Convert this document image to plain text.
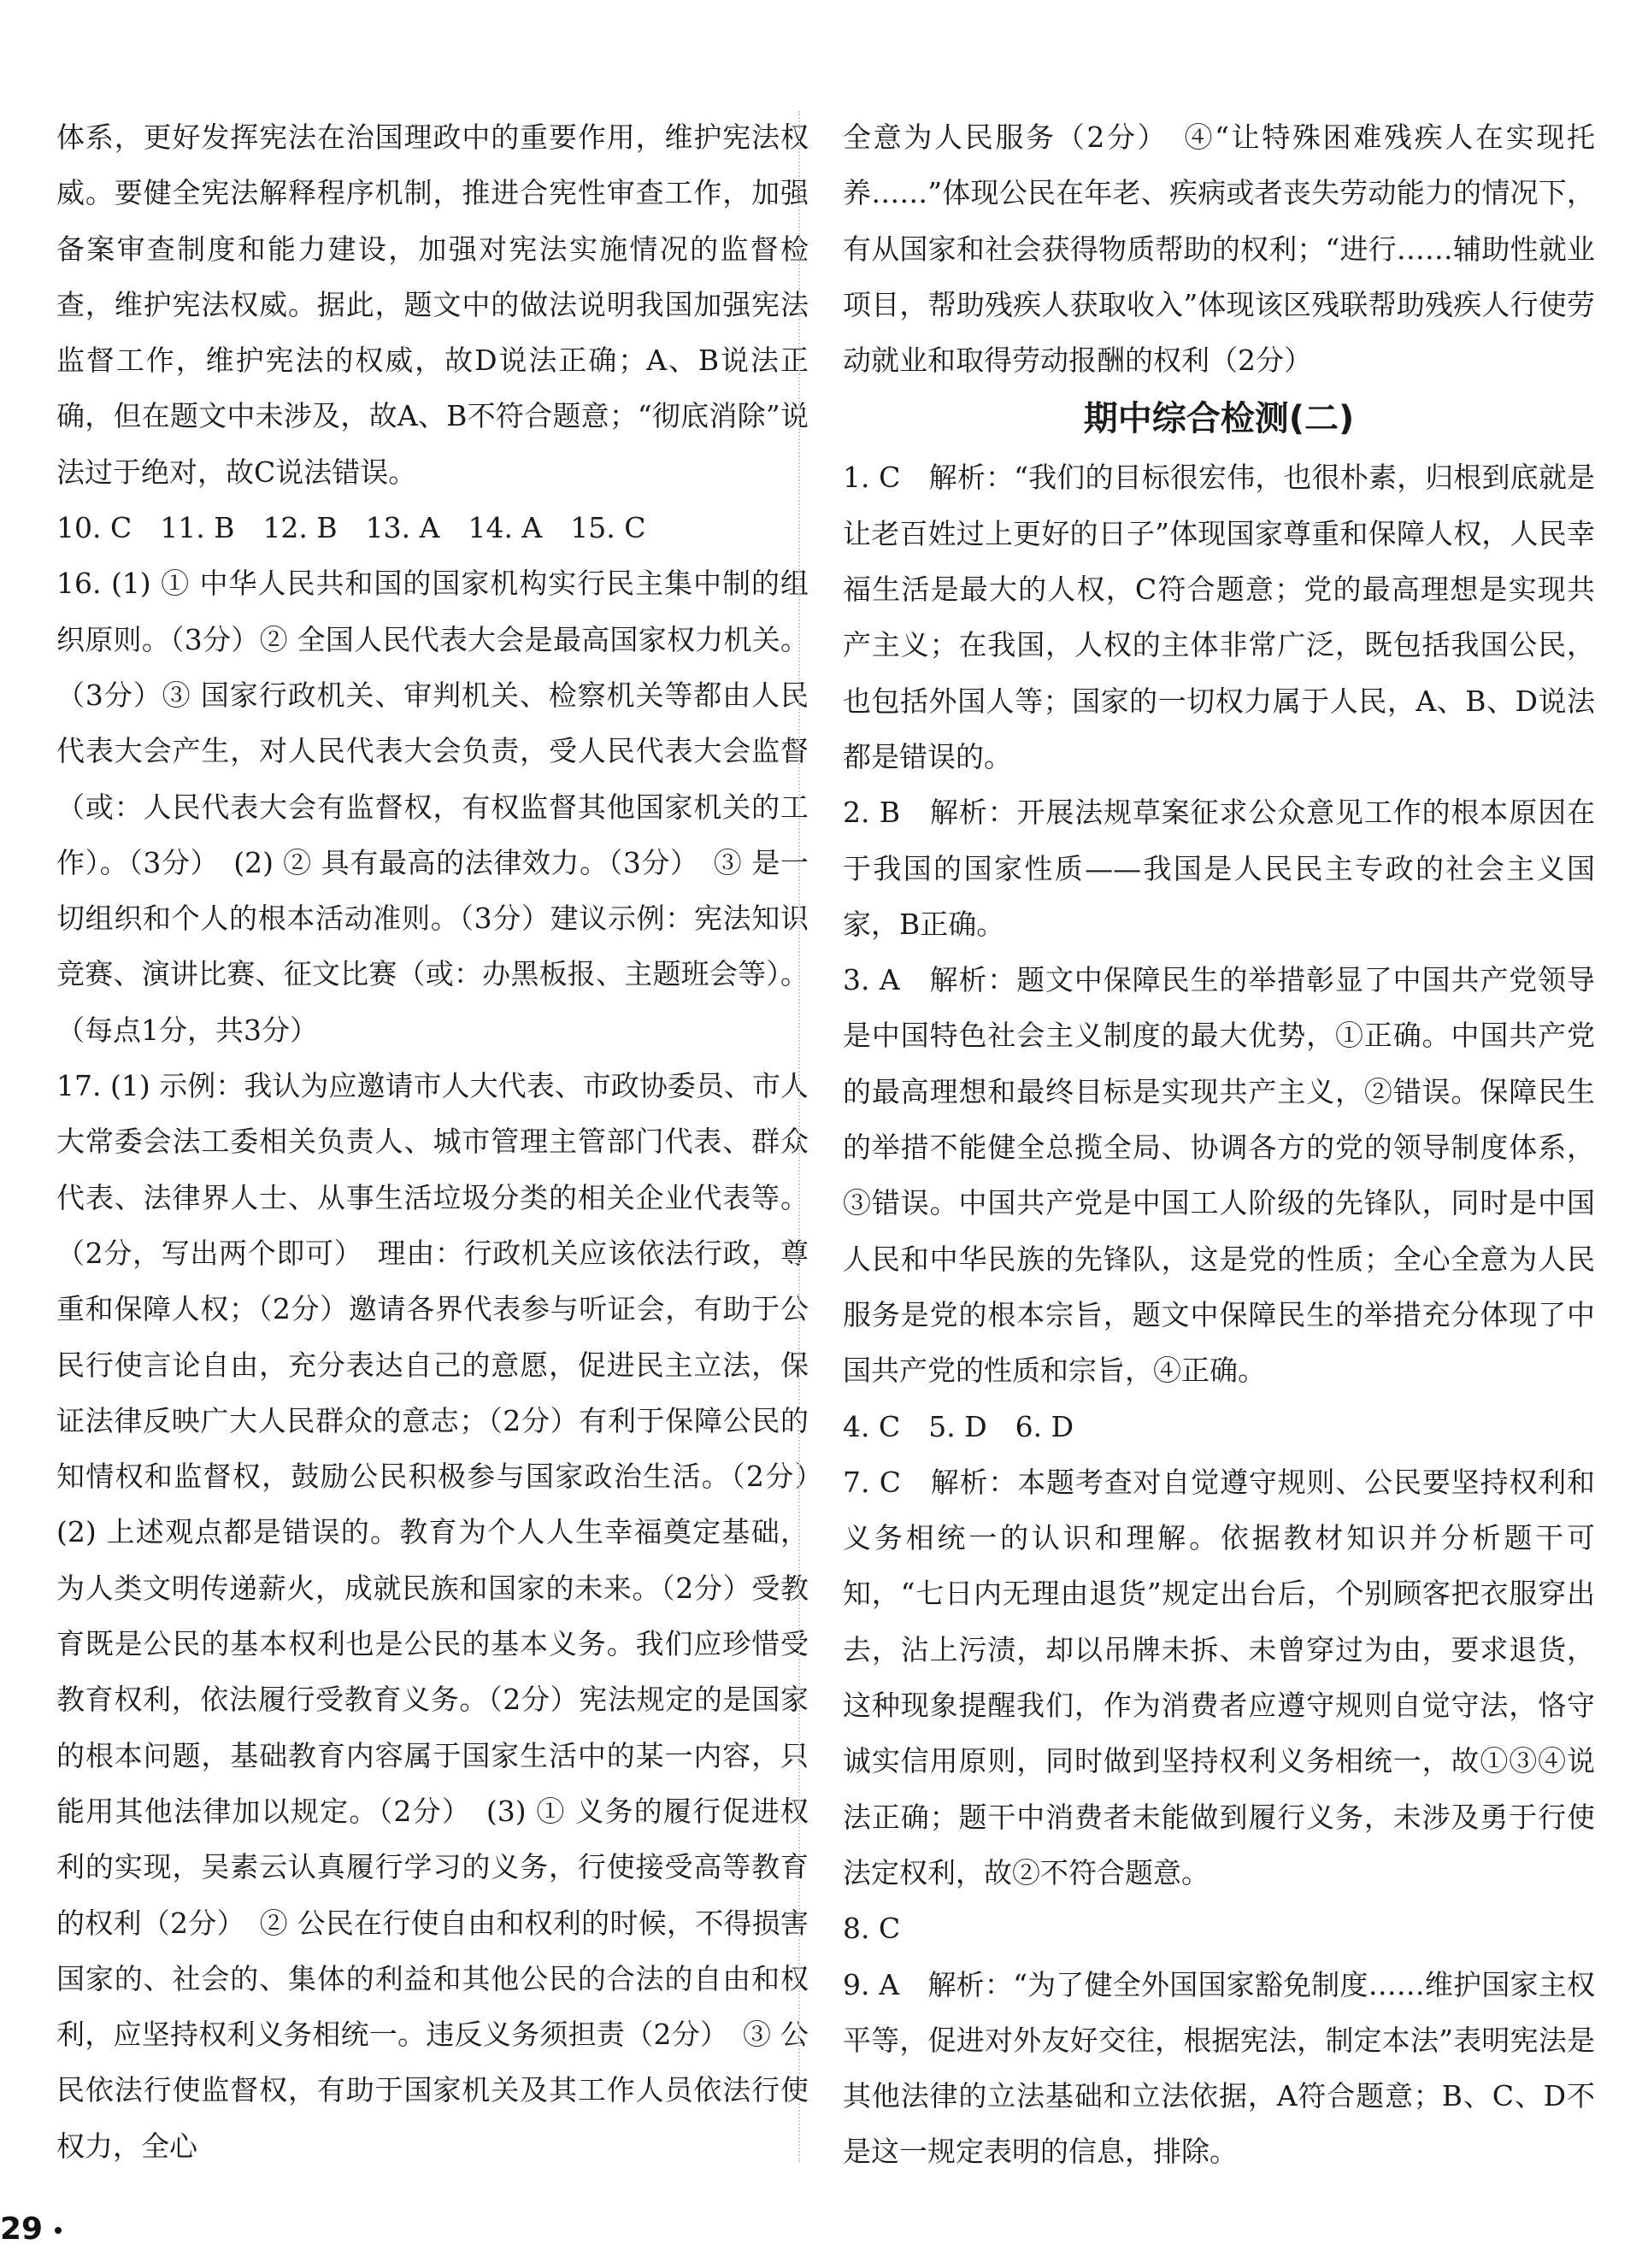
体系，更好发挥宪法在治国理政中的重要作用，维护宪法权威。要健全宪法解释程序机制，推进合宪性审查工作，加强备案审查制度和能力建设，加强对宪法实施情况的监督检查，维护宪法权威。据此，题文中的做法说明我国加强宪法监督工作，维护宪法的权威，故D说法正确；A、B说法正确，但在题文中未涉及，故A、B不符合题意；“彻底消除”说法过于绝对，故C说法错误。

10. C　11. B　12. B　13. A　14. A　15. C

16. (1) ① 中华人民共和国的国家机构实行民主集中制的组织原则。（3分）② 全国人民代表大会是最高国家权力机关。（3分）③ 国家行政机关、审判机关、检察机关等都由人民代表大会产生，对人民代表大会负责，受人民代表大会监督（或：人民代表大会有监督权，有权监督其他国家机关的工作）。（3分）　(2) ② 具有最高的法律效力。（3分）　③ 是一切组织和个人的根本活动准则。（3分）建议示例：宪法知识竞赛、演讲比赛、征文比赛（或：办黑板报、主题班会等）。（每点1分，共3分）

17. (1) 示例：我认为应邀请市人大代表、市政协委员、市人大常委会法工委相关负责人、城市管理主管部门代表、群众代表、法律界人士、从事生活垃圾分类的相关企业代表等。（2分，写出两个即可）　理由：行政机关应该依法行政，尊重和保障人权；（2分）邀请各界代表参与听证会，有助于公民行使言论自由，充分表达自己的意愿，促进民主立法，保证法律反映广大人民群众的意志；（2分）有利于保障公民的知情权和监督权，鼓励公民积极参与国家政治生活。（2分）　(2) 上述观点都是错误的。教育为个人人生幸福奠定基础，为人类文明传递薪火，成就民族和国家的未来。（2分）受教育既是公民的基本权利也是公民的基本义务。我们应珍惜受教育权利，依法履行受教育义务。（2分）宪法规定的是国家的根本问题，基础教育内容属于国家生活中的某一内容，只能用其他法律加以规定。（2分）　(3) ① 义务的履行促进权利的实现，吴素云认真履行学习的义务，行使接受高等教育的权利（2分）　② 公民在行使自由和权利的时候，不得损害国家的、社会的、集体的利益和其他公民的合法的自由和权利，应坚持权利义务相统一。违反义务须担责（2分）　③ 公民依法行使监督权，有助于国家机关及其工作人员依法行使权力，全心

全意为人民服务（2分）　④“让特殊困难残疾人在实现托养……”体现公民在年老、疾病或者丧失劳动能力的情况下，有从国家和社会获得物质帮助的权利；“进行……辅助性就业项目，帮助残疾人获取收入”体现该区残联帮助残疾人行使劳动就业和取得劳动报酬的权利（2分）

期中综合检测(二)

1. C　解析：“我们的目标很宏伟，也很朴素，归根到底就是让老百姓过上更好的日子”体现国家尊重和保障人权，人民幸福生活是最大的人权，C符合题意；党的最高理想是实现共产主义；在我国，人权的主体非常广泛，既包括我国公民，也包括外国人等；国家的一切权力属于人民，A、B、D说法都是错误的。

2. B　解析：开展法规草案征求公众意见工作的根本原因在于我国的国家性质——我国是人民民主专政的社会主义国家，B正确。

3. A　解析：题文中保障民生的举措彰显了中国共产党领导是中国特色社会主义制度的最大优势，①正确。中国共产党的最高理想和最终目标是实现共产主义，②错误。保障民生的举措不能健全总揽全局、协调各方的党的领导制度体系，③错误。中国共产党是中国工人阶级的先锋队，同时是中国人民和中华民族的先锋队，这是党的性质；全心全意为人民服务是党的根本宗旨，题文中保障民生的举措充分体现了中国共产党的性质和宗旨，④正确。

4. C　5. D　6. D

7. C　解析：本题考查对自觉遵守规则、公民要坚持权利和义务相统一的认识和理解。依据教材知识并分析题干可知，“七日内无理由退货”规定出台后，个别顾客把衣服穿出去，沾上污渍，却以吊牌未拆、未曾穿过为由，要求退货，这种现象提醒我们，作为消费者应遵守规则自觉守法，恪守诚实信用原则，同时做到坚持权利义务相统一，故①③④说法正确；题干中消费者未能做到履行义务，未涉及勇于行使法定权利，故②不符合题意。

8. C

9. A　解析：“为了健全外国国家豁免制度……维护国家主权平等，促进对外友好交往，根据宪法，制定本法”表明宪法是其他法律的立法基础和立法依据，A符合题意；B、C、D不是这一规定表明的信息，排除。

29
